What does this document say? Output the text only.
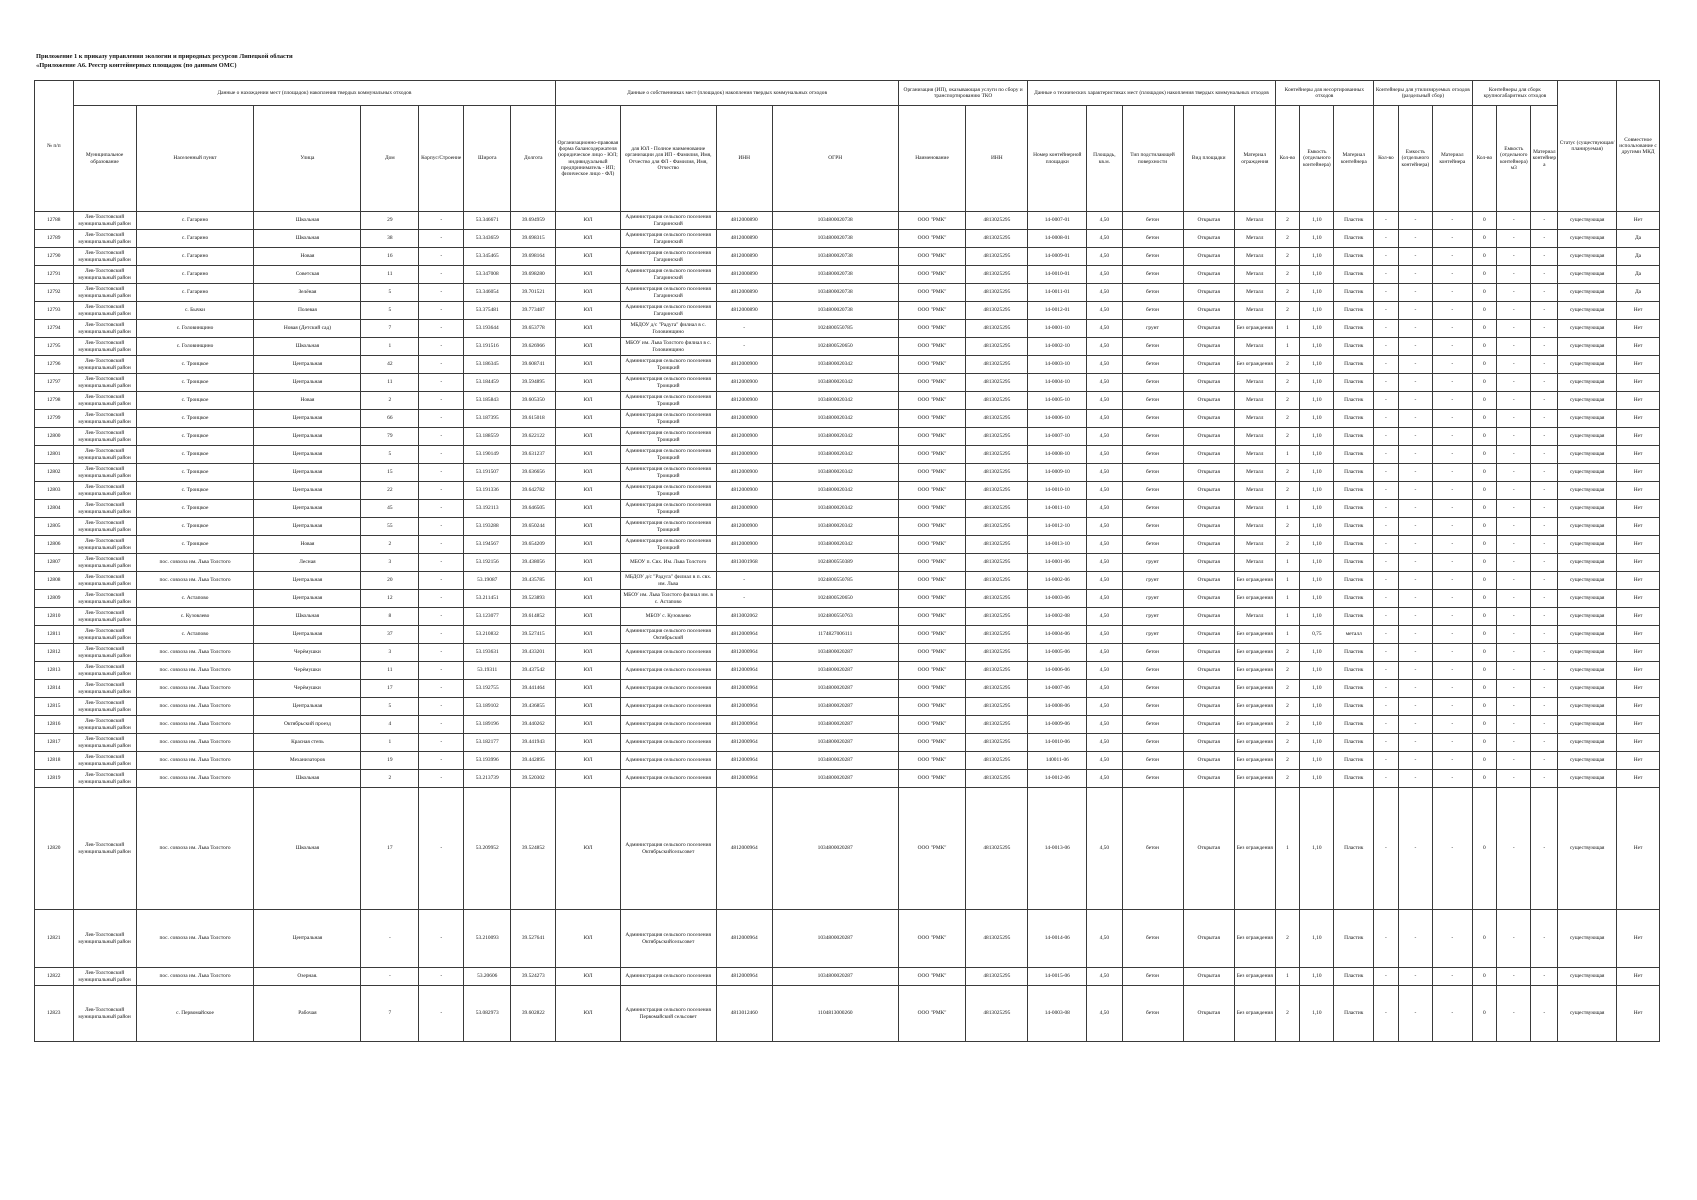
Приложение 1 к приказу управления экологии и природных ресурсов Липецкой области
«Приложение А6. Реестр контейнерных площадок (по данным ОМС)
№ п/п	Данные о нахождении мест (площадок) накопления твердых коммунальных отходов							Данные о собственниках мест (площадок) накопления твердых коммунальных отходов				Организация (ИП), оказывающая услуги по сбору и транспортированию ТКО		Данные о технических характеристиках мест (площадок) накопления твердых коммунальных отходов					Контейнеры для несортированных отходов			Контейнеры для утилизируемых отходов (раздельный сбор)			Контейнеры для сборк крупногабаритных отходов			Статус (существующая/ планируемая)	Совместное использование с другими МКД
	Муниципальное образование	Населенный пункт	Улица	Дом	Корпус/Строение	Широта	Долгота	Организационно-правовая форма балансодержателя (юридическое лицо - ЮЛ; индивидуальный предприниматель - ИП; физическое лицо - ФЛ)	для ЮЛ - Полное наименование организации для ИП - Фамилия, Имя, Отчество для ФЛ - Фамилия, Имя, Отчество	ИНН	ОГРН	Наименование	ИНН	Номер контейнерной площадки	Площадь, кв.м.	Тип подстилающей поверхности	Вид площадки	Материал ограждения	Кол-во	Емкость (отдельного контейнера)	Материал контейнера	Кол-во	Емкость (отдельного контейнера)	Материал контейнера	Кол-во	Емкость (отдельного контейнера) м3	Материал контейнера		
12788	Лев-Толстовский муниципальный район	с. Гагарино	Школьная	29	-	53.346671	39.694959	ЮЛ	Администрация сельского поселения Гагаринский	4812000890	1034800020738	ООО "РМК"	4813025295	14-0007-01	4,50	бетон	Открытая	Металл	2	1,10	Пластик	-	-	-	0	-	-	существующая	Нет
12789	Лев-Толстовский муниципальный район	с. Гагарино	Школьная	38	-	53.343659	39.698315	ЮЛ	Администрация сельского поселения Гагаринский	4812000890	1034800020738	ООО "РМК"	4813025295	14-0008-01	4,50	бетон	Открытая	Металл	2	1,10	Пластик	-	-	-	0	-	-	существующая	Да
12790	Лев-Толстовский муниципальный район	с. Гагарино	Новая	16	-	53.345465	39.698164	ЮЛ	Администрация сельского поселения Гагаринский	4812000890	1034800020738	ООО "РМК"	4813025295	14-0009-01	4,50	бетон	Открытая	Металл	2	1,10	Пластик	-	-	-	0	-	-	существующая	Да
12791	Лев-Толстовский муниципальный район	с. Гагарино	Советская	11	-	53.347008	39.698280	ЮЛ	Администрация сельского поселения Гагаринский	4812000890	1034800020738	ООО "РМК"	4813025295	14-0010-01	4,50	бетон	Открытая	Металл	2	1,10	Пластик	-	-	-	0	-	-	существующая	Да
12792	Лев-Толстовский муниципальный район	с. Гагарино	Зелёная	5	-	53.346054	39.701521	ЮЛ	Администрация сельского поселения Гагаринский	4812000890	1034800020738	ООО "РМК"	4813025295	14-0011-01	4,50	бетон	Открытая	Металл	2	1,10	Пластик	-	-	-	0	-	-	существующая	Да
12793	Лев-Толстовский муниципальный район	с. Бычки	Полевая	5	-	53.375481	39.773487	ЮЛ	Администрация сельского поселения Гагаринский	4812000890	1034800020738	ООО "РМК"	4813025295	14-0012-01	4,50	бетон	Открытая	Металл	2	1,10	Пластик	-	-	-	0	-	-	существующая	Нет
12794	Лев-Толстовский муниципальный район	с. Головинщино	Новая (Детский сад)	7	-	53.193644	39.653778	ЮЛ	МБДОУ д/с "Радуга" филиал в с. Головинщино	-	1024800550785	ООО "РМК"	4813025295	14-0001-10	4,50	грунт	Открытая	Без ограждения	1	1,10	Пластик	-	-	-	0	-	-	существующая	Нет
12795	Лев-Толстовский муниципальный район	с. Головинщино	Школьная	1	-	53.191516	39.626966	ЮЛ	МБОУ им. Льва Толстого филиал в с. Головинщино	-	1024800520650	ООО "РМК"	4813025295	14-0002-10	4,50	бетон	Открытая	Металл	1	1,10	Пластик	-	-	-	0	-	-	существующая	Нет
12796	Лев-Толстовский муниципальный район	с. Троицкое	Центральная	42	-	53.186345	39.608741	ЮЛ	Администрация сельского поселения Троицкий	4812000900	1034800020342	ООО "РМК"	4813025295	14-0003-10	4,50	бетон	Открытая	Без ограждения	2	1,10	Пластик	-	-	-	0	-	-	существующая	Нет
12797	Лев-Толстовский муниципальный район	с. Троицкое	Центральная	11	-	53.184459	39.594895	ЮЛ	Администрация сельского поселения Троицкий	4812000900	1034800020342	ООО "РМК"	4813025295	14-0004-10	4,50	бетон	Открытая	Металл	2	1,10	Пластик	-	-	-	0	-	-	существующая	Нет
12798	Лев-Толстовский муниципальный район	с. Троицкое	Новая	2	-	53.185843	39.605350	ЮЛ	Администрация сельского поселения Троицкий	4812000900	1034800020342	ООО "РМК"	4813025295	14-0005-10	4,50	бетон	Открытая	Металл	2	1,10	Пластик	-	-	-	0	-	-	существующая	Нет
12799	Лев-Толстовский муниципальный район	с. Троицкое	Центральная	66	-	53.187395	39.615018	ЮЛ	Администрация сельского поселения Троицкий	4812000900	1034800020342	ООО "РМК"	4813025295	14-0006-10	4,50	бетон	Открытая	Металл	2	1,10	Пластик	-	-	-	0	-	-	существующая	Нет
12800	Лев-Толстовский муниципальный район	с. Троицкое	Центральная	79	-	53.188559	39.622122	ЮЛ	Администрация сельского поселения Троицкий	4812000900	1034800020342	ООО "РМК"	4813025295	14-0007-10	4,50	бетон	Открытая	Металл	2	1,10	Пластик	-	-	-	0	-	-	существующая	Нет
12801	Лев-Толстовский муниципальный район	с. Троицкое	Центральная	5	-	53.190149	39.631237	ЮЛ	Администрация сельского поселения Троицкий	4812000900	1034800020342	ООО "РМК"	4813025295	14-0008-10	4,50	бетон	Открытая	Металл	1	1,10	Пластик	-	-	-	0	-	-	существующая	Нет
12802	Лев-Толстовский муниципальный район	с. Троицкое	Центральная	15	-	53.191507	39.636656	ЮЛ	Администрация сельского поселения Троицкий	4812000900	1034800020342	ООО "РМК"	4813025295	14-0009-10	4,50	бетон	Открытая	Металл	2	1,10	Пластик	-	-	-	0	-	-	существующая	Нет
12803	Лев-Толстовский муниципальный район	с. Троицкое	Центральная	22	-	53.191336	39.642782	ЮЛ	Администрация сельского поселения Троицкий	4812000900	1034800020342	ООО "РМК"	4813025295	14-0010-10	4,50	бетон	Открытая	Металл	2	1,10	Пластик	-	-	-	0	-	-	существующая	Нет
12804	Лев-Толстовский муниципальный район	с. Троицкое	Центральная	45	-	53.192113	39.646505	ЮЛ	Администрация сельского поселения Троицкий	4812000900	1034800020342	ООО "РМК"	4813025295	14-0011-10	4,50	бетон	Открытая	Металл	1	1,10	Пластик	-	-	-	0	-	-	существующая	Нет
12805	Лев-Толстовский муниципальный район	с. Троицкое	Центральная	55	-	53.193288	39.650244	ЮЛ	Администрация сельского поселения Троицкий	4812000900	1034800020342	ООО "РМК"	4813025295	14-0012-10	4,50	бетон	Открытая	Металл	2	1,10	Пластик	-	-	-	0	-	-	существующая	Нет
12806	Лев-Толстовский муниципальный район	с. Троицкое	Новая	2	-	53.194567	39.654209	ЮЛ	Администрация сельского поселения Троицкий	4812000900	1034800020342	ООО "РМК"	4813025295	14-0013-10	4,50	бетон	Открытая	Металл	2	1,10	Пластик	-	-	-	0	-	-	существующая	Нет
12807	Лев-Толстовский муниципальный район	пос. совхоза им. Льва Толстого	Лесная	3	-	53.192156	39.438056	ЮЛ	МБОУ п. Свх. Им. Льва Толстого	4813001968	1024800550389	ООО "РМК"	4813025295	14-0001-06	4,50	грунт	Открытая	Металл	1	1,10	Пластик	-	-	-	0	-	-	существующая	Нет
12808	Лев-Толстовский муниципальный район	пос. совхоза им. Льва Толстого	Центральная	20	-	53.19087	39.435785	ЮЛ	МБДОУ д/с "Радуга" филиал в п. свх. им. Льва	-	1024800550785	ООО "РМК"	4813025295	14-0002-06	4,50	грунт	Открытая	Без ограждения	1	1,10	Пластик	-	-	-	0	-	-	существующая	Нет
12809	Лев-Толстовский муниципальный район	с. Астапово	Центральная	12	-	53.211451	39.523893	ЮЛ	МБОУ им. Льва Толстого филиал им. в с. Астапово	-	1024800520650	ООО "РМК"	4813025295	14-0003-06	4,50	грунт	Открытая	Без ограждения	1	1,10	Пластик	-	-	-	0	-	-	существующая	Нет
12810	Лев-Толстовский муниципальный район	с. Кузовлево	Школьная	8	-	53.123077	39.614852	ЮЛ	МБОУ с. Кузовлево	4813002062	1024800550763	ООО "РМК"	4813025295	14-0002-08	4,50	грунт	Открытая	Металл	1	1,10	Пластик	-	-	-	0	-	-	существующая	Нет
12811	Лев-Толстовский муниципальный район	с. Астапово	Центральная	37	-	53.210832	39.527415	ЮЛ	Администрация сельского поселения Октябрьский	4812000964	1174827006111	ООО "РМК"	4813025295	14-0004-06	4,50	грунт	Открытая	Без ограждения	1	0,75	металл	-	-	-	0	-	-	существующая	Нет
12812	Лев-Толстовский муниципальный район	пос. совхоза им. Льва Толстого	Черёмушки	3	-	53.193631	39.433201	ЮЛ	Администрация сельского поселения	4812000964	1034800020287	ООО "РМК"	4813025295	14-0005-06	4,50	бетон	Открытая	Без ограждения	2	1,10	Пластик	-	-	-	0	-	-	существующая	Нет
12813	Лев-Толстовский муниципальный район	пос. совхоза им. Льва Толстого	Черёмушки	11	-	53.19311	39.437542	ЮЛ	Администрация сельского поселения	4812000964	1034800020287	ООО "РМК"	4813025295	14-0006-06	4,50	бетон	Открытая	Без ограждения	2	1,10	Пластик	-	-	-	0	-	-	существующая	Нет
12814	Лев-Толстовский муниципальный район	пос. совхоза им. Льва Толстого	Черёмушки	17	-	53.192755	39.441464	ЮЛ	Администрация сельского поселения	4812000964	1034800020287	ООО "РМК"	4813025295	14-0007-06	4,50	бетон	Открытая	Без ограждения	2	1,10	Пластик	-	-	-	0	-	-	существующая	Нет
12815	Лев-Толстовский муниципальный район	пос. совхоза им. Льва Толстого	Центральная	5	-	53.189102	39.436855	ЮЛ	Администрация сельского поселения	4812000964	1034800020287	ООО "РМК"	4813025295	14-0008-06	4,50	бетон	Открытая	Без ограждения	2	1,10	Пластик	-	-	-	0	-	-	существующая	Нет
12816	Лев-Толстовский муниципальный район	пос. совхоза им. Льва Толстого	Октябрьский проезд	4	-	53.189196	39.440262	ЮЛ	Администрация сельского поселения	4812000964	1034800020287	ООО "РМК"	4813025295	14-0009-06	4,50	бетон	Открытая	Без ограждения	2	1,10	Пластик	-	-	-	0	-	-	существующая	Нет
12817	Лев-Толстовский муниципальный район	пос. совхоза им. Льва Толстого	Красная степь	1	-	53.182177	39.441943	ЮЛ	Администрация сельского поселения	4812000964	1034800020287	ООО "РМК"	4813025295	14-0010-06	4,50	бетон	Открытая	Без ограждения	2	1,10	Пластик	-	-	-	0	-	-	существующая	Нет
12818	Лев-Толстовский муниципальный район	пос. совхоза им. Льва Толстого	Механизаторов	19	-	53.193996	39.442895	ЮЛ	Администрация сельского поселения	4812000964	1034800020287	ООО "РМК"	4813025295	140011-06	4,50	бетон	Открытая	Без ограждения	2	1,10	Пластик	-	-	-	0	-	-	существующая	Нет
12819	Лев-Толстовский муниципальный район	пос. совхоза им. Льва Толстого	Школьная	2	-	53.213739	39.520302	ЮЛ	Администрация сельского поселения	4812000964	1034800020287	ООО "РМК"	4813025295	14-0012-06	4,50	бетон	Открытая	Без ограждения	2	1,10	Пластик	-	-	-	0	-	-	существующая	Нет
12820	Лев-Толстовский муниципальный район	пос. совхоза им. Льва Толстого	Школьная	17	-	53.209952	39.524852	ЮЛ	Администрация сельского поселения Октябрьскийсельсовет	4812000964	1034800020287	ООО "РМК"	4813025295	14-0013-06	4,50	бетон	Открытая	Без ограждения	1	1,10	Пластик	-	-	-	0	-	-	существующая	Нет
12821	Лев-Толстовский муниципальный район	пос. совхоза им. Льва Толстого	Центральная	-	-	53.210093	39.527641	ЮЛ	Администрация сельского поселения Октябрьскийсельсовет	4812000964	1034800020287	ООО "РМК"	4813025295	14-0014-06	4,50	бетон	Открытая	Без ограждения	2	1,10	Пластик	-	-	-	0	-	-	существующая	Нет
12822	Лев-Толстовский муниципальный район	пос. совхоза им. Льва Толстого	Озерная.	-	-	53.20606	39.524273	ЮЛ	Администрация сельского поселения	4812000964	1034800020287	ООО "РМК"	4813025295	14-0015-06	4,50	бетон	Открытая	Без ограждения	1	1,10	Пластик	-	-	-	0	-	-	существующая	Нет
12823	Лев-Толстовский муниципальный район	с. Первомайское	Рабочая	7	-	53.082973	39.602822	ЮЛ	Администрация сельского поселения Первомайский сельсовет	4813012460	1104813000260	ООО "РМК"	4813025295	14-0003-08	4,50	бетон	Открытая	Без ограждения	2	1,10	Пластик	-	-	-	0	-	-	существующая	Нет
